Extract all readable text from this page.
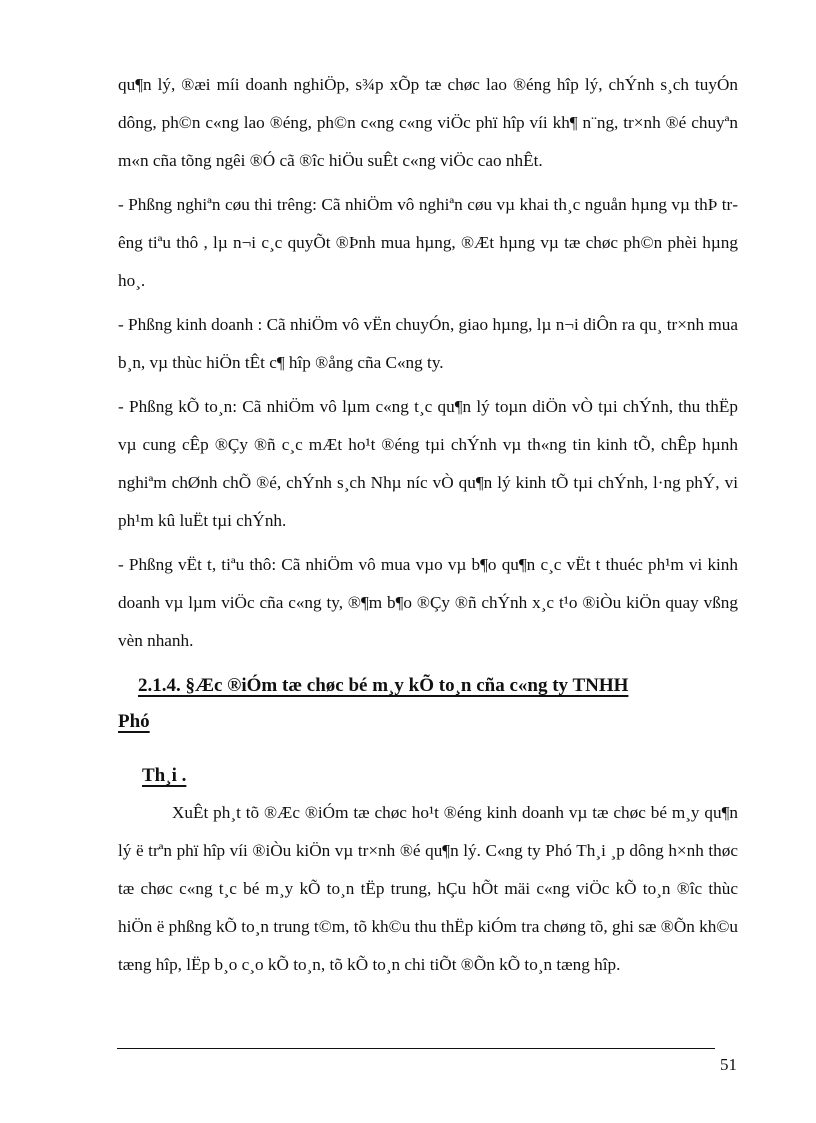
qu¶n lý, ®æi míi doanh nghiÖp, s¾p xÕp tæ chøc lao ®éng hîp lý, chÝnh s¸ch tuyÓn dông, ph©n c«ng lao ®éng, ph©n c«ng c«ng viÖc phï hîp víi kh¶ n¨ng, tr×nh ®é chuyªn m«n cña tõng ngêi ®Ó cã ®îc hiÖu suÊt c«ng viÖc cao nhÊt.

- Phßng nghiªn cøu thi trêng: Cã nhiÖm vô nghiªn cøu vµ khai th¸c nguån hµng vµ thÞ trêng tiªu thô , lµ n¬i c¸c quyÕt ®Þnh mua hµng, ®Æt hµng vµ tæ chøc ph©n phèi hµng ho¸.

- Phßng kinh doanh : Cã nhiÖm vô vËn chuyÓn, giao hµng, lµ n¬i diÔn ra qu¸ tr×nh mua b¸n, vµ thùc hiÖn tÊt c¶ hîp ®ång cña C«ng ty.

- Phßng kÕ to¸n: Cã nhiÖm vô lµm c«ng t¸c qu¶n lý toµn diÖn vÒ tµi chÝnh, thu thËp vµ cung cÊp ®Çy ®ñ c¸c mÆt ho¹t ®éng tµi chÝnh vµ th«ng tin kinh tÕ, chÊp hµnh nghiªm chØnh chÕ ®é, chÝnh s¸ch Nhµ níc vÒ qu¶n lý kinh tÕ tµi chÝnh, l·ng phÝ, vi ph¹m kû luËt tµi chÝnh.

- Phßng vËt t, tiªu thô: Cã nhiÖm vô mua vµo vµ b¶o qu¶n c¸c vËt t thuéc ph¹m vi kinh doanh vµ lµm viÖc cña c«ng ty, ®¶m b¶o ®Çy ®ñ chÝnh x¸c t¹o ®iÒu kiÖn quay vßng vèn nhanh.

2.1.4. §Æc ®iÓm tæ chøc bé m¸y kÕ to¸n cña c«ng ty TNHH
Phó
Th¸i .

XuÊt ph¸t tõ ®Æc ®iÓm tæ chøc ho¹t ®éng kinh doanh vµ tæ chøc bé m¸y qu¶n lý ë trªn phï hîp víi ®iÒu kiÖn vµ tr×nh ®é qu¶n lý. C«ng ty Phó Th¸i ¸p dông h×nh thøc tæ chøc c«ng t¸c bé m¸y kÕ to¸n tËp trung, hÇu hÕt mäi c«ng viÖc kÕ to¸n ®îc thùc hiÖn ë phßng kÕ to¸n trung t©m, tõ kh©u thu thËp kiÓm tra chøng tõ, ghi sæ ®Õn kh©u tæng hîp, lËp b¸o c¸o kÕ to¸n, tõ kÕ to¸n chi tiÕt ®Õn kÕ to¸n tæng hîp.

51
